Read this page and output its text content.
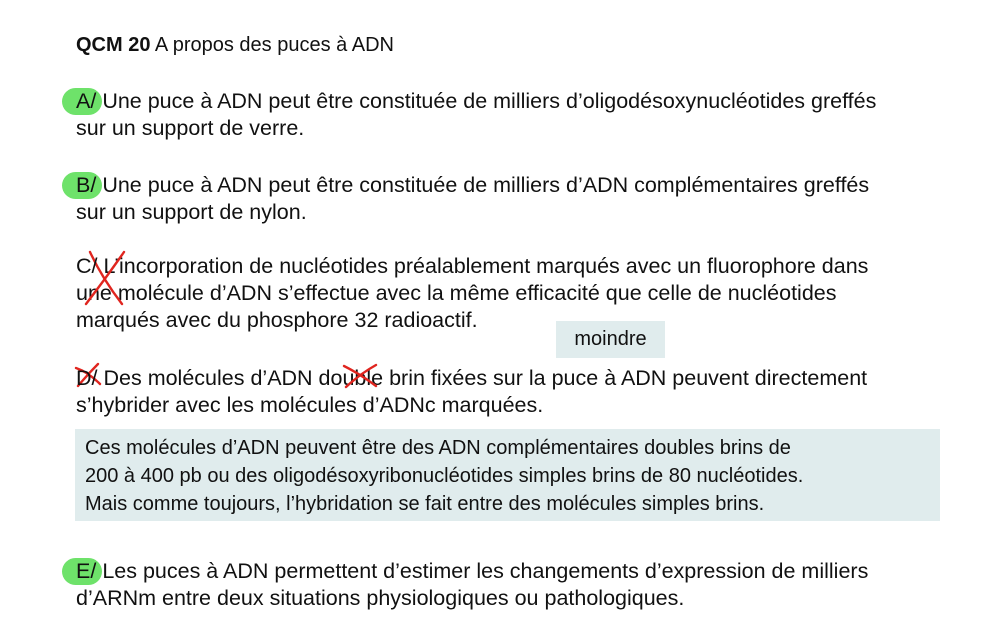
QCM 20 A propos des puces à ADN
A/ Une puce à ADN peut être constituée de milliers d’oligodésoxynucléotides greffés
sur un support de verre.
B/ Une puce à ADN peut être constituée de milliers d’ADN complémentaires greffés
sur un support de nylon.
C/ L’incorporation de nucléotides préalablement marqués avec un fluorophore dans
une molécule d’ADN s’effectue avec la même efficacité que celle de nucléotides
marqués avec du phosphore 32 radioactif.
moindre
D/ Des molécules d’ADN double brin fixées sur la puce à ADN peuvent directement
s’hybrider avec les molécules d’ADNc marquées.
Ces molécules d’ADN peuvent être des ADN complémentaires doubles brins de
200 à 400 pb ou des oligodésoxyribonucléotides simples brins de 80 nucléotides.
Mais comme toujours, l’hybridation se fait entre des molécules simples brins.
E/ Les puces à ADN permettent d’estimer les changements d’expression de milliers
d’ARNm entre deux situations physiologiques ou pathologiques.
